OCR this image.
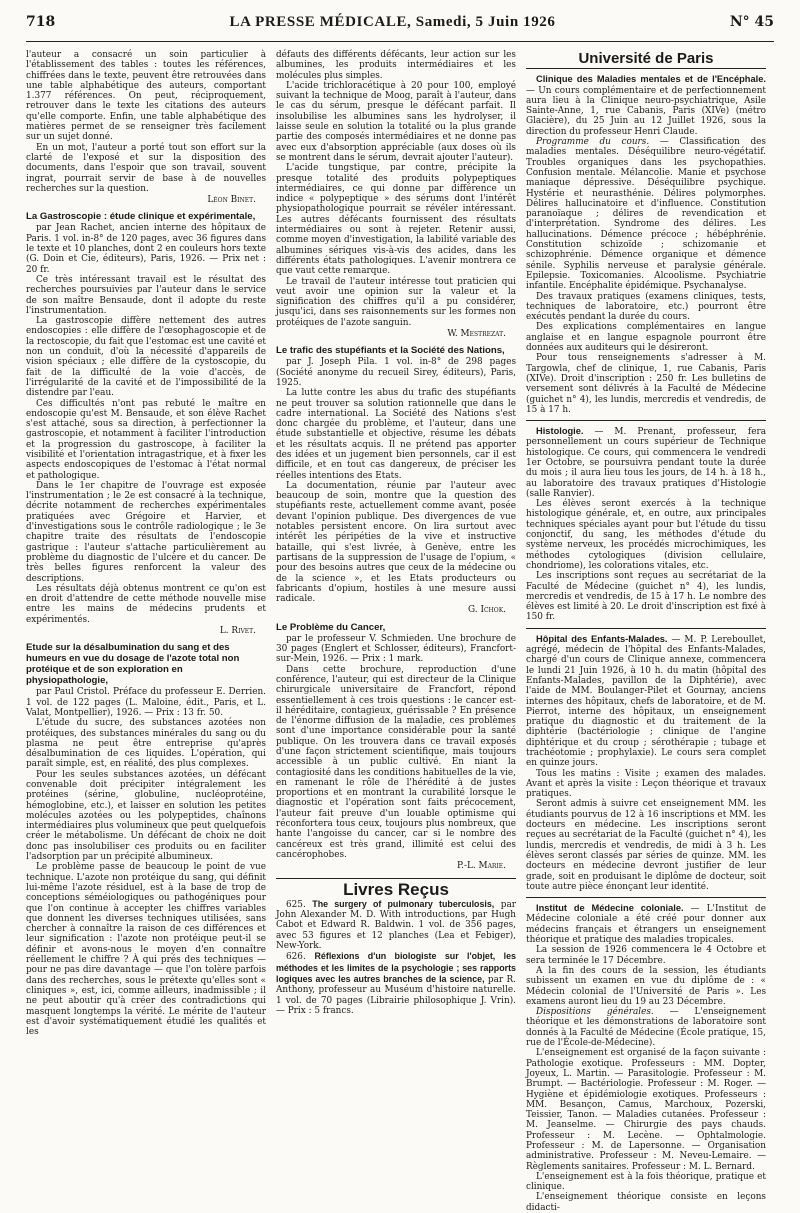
718	LA PRESSE MÉDICALE, Samedi, 5 Juin 1926	N° 45

l'auteur a consacré un soin particulier à l'établissement des tables : toutes les références, chiffrées dans le texte, peuvent être retrouvées dans une table alphabétique des auteurs, comportant 1.377 références. On peut, réciproquement, retrouver dans le texte les citations des auteurs qu'elle comporte. Enfin, une table alphabétique des matières permet de se renseigner très facilement sur un sujet donné.

En un mot, l'auteur a porté tout son effort sur la clarté de l'exposé et sur la disposition des documents, dans l'espoir que son travail, souvent ingrat, pourrait servir de base à de nouvelles recherches sur la question.

Léon Binet.
La Gastroscopie : étude clinique et expérimentale,

par Jean Rachet, ancien interne des hôpitaux de Paris. 1 vol. in-8° de 120 pages, avec 36 figures dans le texte et 10 planches, dont 2 en couleurs hors texte (G. Doin et Cie, éditeurs), Paris, 1926. — Prix net : 20 fr.

Ce très intéressant travail est le résultat des recherches poursuivies par l'auteur dans le service de son maître Bensaude, dont il adopte du reste l'instrumentation.

La gastroscopie diffère nettement des autres endoscopies : elle diffère de l'œsophagoscopie et de la rectoscopie, du fait que l'estomac est une cavité et non un conduit, d'où la nécessité d'appareils de vision spéciaux ; elle diffère de la cystoscopie, du fait de la difficulté de la voie d'accès, de l'irrégularité de la cavité et de l'impossibilité de la distendre par l'eau.

Ces difficultés n'ont pas rebuté le maître en endoscopie qu'est M. Bensaude, et son élève Rachet s'est attaché, sous sa direction, à perfectionner la gastroscopie, et notamment à faciliter l'introduction et la progression du gastroscope, à faciliter la visibilité et l'orientation intragastrique, et à fixer les aspects endoscopiques de l'estomac à l'état normal et pathologique.

Dans le 1er chapitre de l'ouvrage est exposée l'instrumentation ; le 2e est consacré à la technique, décrite notamment de recherches expérimentales pratiquées avec Grégoire et Harvier, et d'investigations sous le contrôle radiologique ; le 3e chapitre traite des résultats de l'endoscopie gastrique : l'auteur s'attache particulièrement au problème du diagnostic de l'ulcère et du cancer. De très belles figures renforcent la valeur des descriptions.

Les résultats déjà obtenus montrent ce qu'on est en droit d'attendre de cette méthode nouvelle mise entre les mains de médecins prudents et expérimentés.

L. Rivet.
Etude sur la désalbumination du sang et des humeurs en vue du dosage de l'azote total non protéique et de son exploration en physiopathologie,

par Paul Cristol. Préface du professeur E. Derrien. 1 vol. de 122 pages (L. Maloine, édit., Paris, et L. Valat, Montpellier), 1926. — Prix : 13 fr. 50.

L'étude du sucre, des substances azotées non protéiques, des substances minérales du sang ou du plasma ne peut être entreprise qu'après désalbumination de ces liquides. L'opération, qui paraît simple, est, en réalité, des plus complexes.

Pour les seules substances azotées, un défécant convenable doit précipiter intégralement les protéines (sérine, globuline, nucléoprotéine, hémoglobine, etc.), et laisser en solution les petites molécules azotées ou les polypeptides, chaînons intermédiaires plus volumineux que peut quelquefois créer le métabolisme. Un défécant de choix ne doit donc pas insolubiliser ces produits ou en faciliter l'adsorption par un précipité albumineux.

Le problème passe de beaucoup le point de vue technique. L'azote non protéique du sang, qui définit lui-même l'azote résiduel, est à la base de trop de conceptions séméiologiques ou pathogéniques pour que l'on continue à accepter les chiffres variables que donnent les diverses techniques utilisées, sans chercher à connaître la raison de ces différences et leur signification : l'azote non protéique peut-il se définir et avons-nous le moyen d'en connaître réellement le chiffre ? À qui prés des techniques — pour ne pas dire davantage — que l'on tolère parfois dans des recherches, sous le prétexte qu'elles sont « cliniques », est, ici, comme ailleurs, inadmissible ; il ne peut aboutir qu'à créer des contradictions qui masquent longtemps la vérité. Le mérite de l'auteur est d'avoir systématiquement étudié les qualités et les

défauts des différents défécants, leur action sur les albumines, les produits intermédiaires et les molécules plus simples.

L'acide trichloracétique à 20 pour 100, employé suivant la technique de Moog, paraît à l'auteur, dans le cas du sérum, presque le défécant parfait. Il insolubilise les albumines sans les hydrolyser, il laisse seule en solution la totalité ou la plus grande partie des composés intermédiaires et ne donne pas avec eux d'absorption appréciable (aux doses où ils se montrent dans le sérum, devrait ajouter l'auteur).

L'acide tungstique, par contre, précipite la presque totalité des produits polypeptiques intermédiaires, ce qui donne par différence un indice « polypeptique » des sérums dont l'intérêt physiopathologique pourrait se révéler intéressant. Les autres défécants fournissent des résultats intermédiaires ou sont à rejeter. Retenir aussi, comme moyen d'investigation, la labilité variable des albumines sériques vis-à-vis des acides, dans les différents états pathologiques. L'avenir montrera ce que vaut cette remarque.

Le travail de l'auteur intéresse tout praticien qui veut avoir une opinion sur la valeur et la signification des chiffres qu'il a pu considérer, jusqu'ici, dans ses raisonnements sur les formes non protéiques de l'azote sanguin.

W. Mestrezat.
Le trafic des stupéfiants et la Société des Nations,

par J. Joseph Pila. 1 vol. in-8° de 298 pages (Société anonyme du recueil Sirey, éditeurs), Paris, 1925.

La lutte contre les abus du trafic des stupéfiants ne peut trouver sa solution rationnelle que dans le cadre international. La Société des Nations s'est donc chargée du problème, et l'auteur, dans une étude substantielle et objective, résume les débats et les résultats acquis. Il ne prétend pas apporter des idées et un jugement bien personnels, car il est difficile, et en tout cas dangereux, de préciser les réelles intentions des Etats.

La documentation, réunie par l'auteur avec beaucoup de soin, montre que la question des stupéfiants reste, actuellement comme avant, posée devant l'opinion publique. Des divergences de vue notables persistent encore. On lira surtout avec intérêt les péripéties de la vive et instructive bataille, qui s'est livrée, à Genève, entre les partisans de la suppression de l'usage de l'opium, « pour des besoins autres que ceux de la médecine ou de la science », et les Etats producteurs ou fabricants d'opium, hostiles à une mesure aussi radicale.

G. Ichok.
Le Problème du Cancer,

par le professeur V. Schmieden. Une brochure de 30 pages (Englert et Schlosser, éditeurs), Francfort-sur-Mein, 1926. — Prix : 1 mark.

Dans cette brochure, reproduction d'une conférence, l'auteur, qui est directeur de la Clinique chirurgicale universitaire de Francfort, répond essentiellement à ces trois questions : le cancer est-il héréditaire, contagieux, guérissable ? En présence de l'énorme diffusion de la maladie, ces problèmes sont d'une importance considérable pour la santé publique. On les trouvera dans ce travail exposés d'une façon strictement scientifique, mais toujours accessible à un public cultivé. En niant la contagiosité dans les conditions habituelles de la vie, en ramenant le rôle de l'hérédité à de justes proportions et en montrant la curabilité lorsque le diagnostic et l'opération sont faits précocement, l'auteur fait preuve d'un louable optimisme qui réconfortera tous ceux, toujours plus nombreux, que hante l'angoisse du cancer, car si le nombre des cancéreux est très grand, illimité est celui des cancérophobes.

P.-L. Marie.
Livres Reçus

625. The surgery of pulmonary tuberculosis, par John Alexander M. D. With introductions, par Hugh Cabot et Edward R. Baldwin. 1 vol. de 356 pages, avec 53 figures et 12 planches (Lea et Febiger), New-York.

626. Réflexions d'un biologiste sur l'objet, les méthodes et les limites de la psychologie ; ses rapports logiques avec les autres branches de la science, par R. Anthony, professeur au Muséum d'histoire naturelle. 1 vol. de 70 pages (Librairie philosophique J. Vrin). — Prix : 5 francs.

Université de Paris

Clinique des Maladies mentales et de l'Encéphale. — Un cours complémentaire et de perfectionnement aura lieu à la Clinique neuro-psychiatrique, Asile Sainte-Anne, 1, rue Cabanis, Paris (XIVe) (métro Glacière), du 25 Juin au 12 Juillet 1926, sous la direction du professeur Henri Claude.

Programme du cours. — Classification des maladies mentales. Déséquilibre neuro-végétatif. Troubles organiques dans les psychopathies. Confusion mentale. Mélancolie. Manie et psychose maniaque dépressive. Déséquilibre psychique. Hystérie et neurasthénie. Délires polymorphes. Délires hallucinatoire et d'influence. Constitution paranoïaque ; délires de revendication et d'interprétation. Syndrome des délires. Les hallucinations. Démence précoce ; hébéphrénie. Constitution schizoïde ; schizomanie et schizophrénie. Démence organique et démence sénile. Syphilis nerveuse et paralysie générale. Epilepsie. Toxicomanies. Alcoolisme. Psychiatrie infantile. Encéphalite épidémique. Psychanalyse.

Des travaux pratiques (examens cliniques, tests, techniques de laboratoire, etc.) pourront être exécutés pendant la durée du cours.

Des explications complémentaires en langue anglaise et en langue espagnole pourront être données aux auditeurs qui le désireront.

Pour tous renseignements s'adresser à M. Targowla, chef de clinique, 1, rue Cabanis, Paris (XIVe). Droit d'inscription : 250 fr. Les bulletins de versement sont délivrés à la Faculté de Médecine (guichet n° 4), les lundis, mercredis et vendredis, de 15 à 17 h.

Histologie. — M. Prenant, professeur, fera personnellement un cours supérieur de Technique histologique. Ce cours, qui commencera le vendredi 1er Octobre, se poursuivra pendant toute la durée du mois ; il aura lieu tous les jours, de 14 h. à 18 h., au laboratoire des travaux pratiques d'Histologie (salle Ranvier).

Les élèves seront exercés à la technique histologique générale, et, en outre, aux principales techniques spéciales ayant pour but l'étude du tissu conjonctif, du sang, les méthodes d'étude du système nerveux, les procédés microchimiques, les méthodes cytologiques (division cellulaire, chondriome), les colorations vitales, etc.

Les inscriptions sont reçues au secrétariat de la Faculté de Médecine (guichet n° 4), les lundis, mercredis et vendredis, de 15 à 17 h. Le nombre des élèves est limité à 20. Le droit d'inscription est fixé à 150 fr.

Hôpital des Enfants-Malades. — M. P. Lereboullet, agrégé, médecin de l'hôpital des Enfants-Malades, chargé d'un cours de Clinique annexe, commencera le lundi 21 Juin 1926, à 10 h. du matin (hôpital des Enfants-Malades, pavillon de la Diphtérie), avec l'aide de MM. Boulanger-Pilet et Gournay, anciens internes des hôpitaux, chefs de laboratoire, et de M. Pierrot, interne des hôpitaux, un enseignement pratique du diagnostic et du traitement de la diphtérie (bactériologie ; clinique de l'angine diphtérique et du croup ; sérothérapie ; tubage et trachéotomie ; prophylaxie). Le cours sera complet en quinze jours.

Tous les matins : Visite ; examen des malades. Avant et après la visite : Leçon théorique et travaux pratiques.

Seront admis à suivre cet enseignement MM. les étudiants pourvus de 12 à 16 inscriptions et MM. les docteurs en médecine. Les inscriptions seront reçues au secrétariat de la Faculté (guichet n° 4), les lundis, mercredis et vendredis, de midi à 3 h. Les élèves seront classés par séries de quinze. MM. les docteurs en médecine devront justifier de leur grade, soit en produisant le diplôme de docteur, soit toute autre pièce énonçant leur identité.

Institut de Médecine coloniale. — L'Institut de Médecine coloniale a été créé pour donner aux médecins français et étrangers un enseignement théorique et pratique des maladies tropicales.

La session de 1926 commencera le 4 Octobre et sera terminée le 17 Décembre.

A la fin des cours de la session, les étudiants subissent un examen en vue du diplôme de : « Médecin colonial de l'Université de Paris ». Les examens auront lieu du 19 au 23 Décembre.

Dispositions générales. — L'enseignement théorique et les démonstrations de laboratoire sont donnés à la Faculté de Médecine (École pratique, 15, rue de l'École-de-Médecine).

L'enseignement est organisé de la façon suivante : Pathologie exotique. Professeurs : MM. Dopter, Joyeux, L. Martin. — Parasitologie. Professeur : M. Brumpt. — Bactériologie. Professeur : M. Roger. — Hygiène et épidémiologie exotiques. Professeurs : MM. Besançon, Camus, Marchoux, Pozerski, Teissier, Tanon. — Maladies cutanées. Professeur : M. Jeanselme. — Chirurgie des pays chauds. Professeur : M. Lecène. — Ophtalmologie. Professeur : M. de Lapersonne. — Organisation administrative. Professeur : M. Neveu-Lemaire. — Règlements sanitaires. Professeur : M. L. Bernard.

L'enseignement est à la fois théorique, pratique et clinique.

L'enseignement théorique consiste en leçons didacti-
